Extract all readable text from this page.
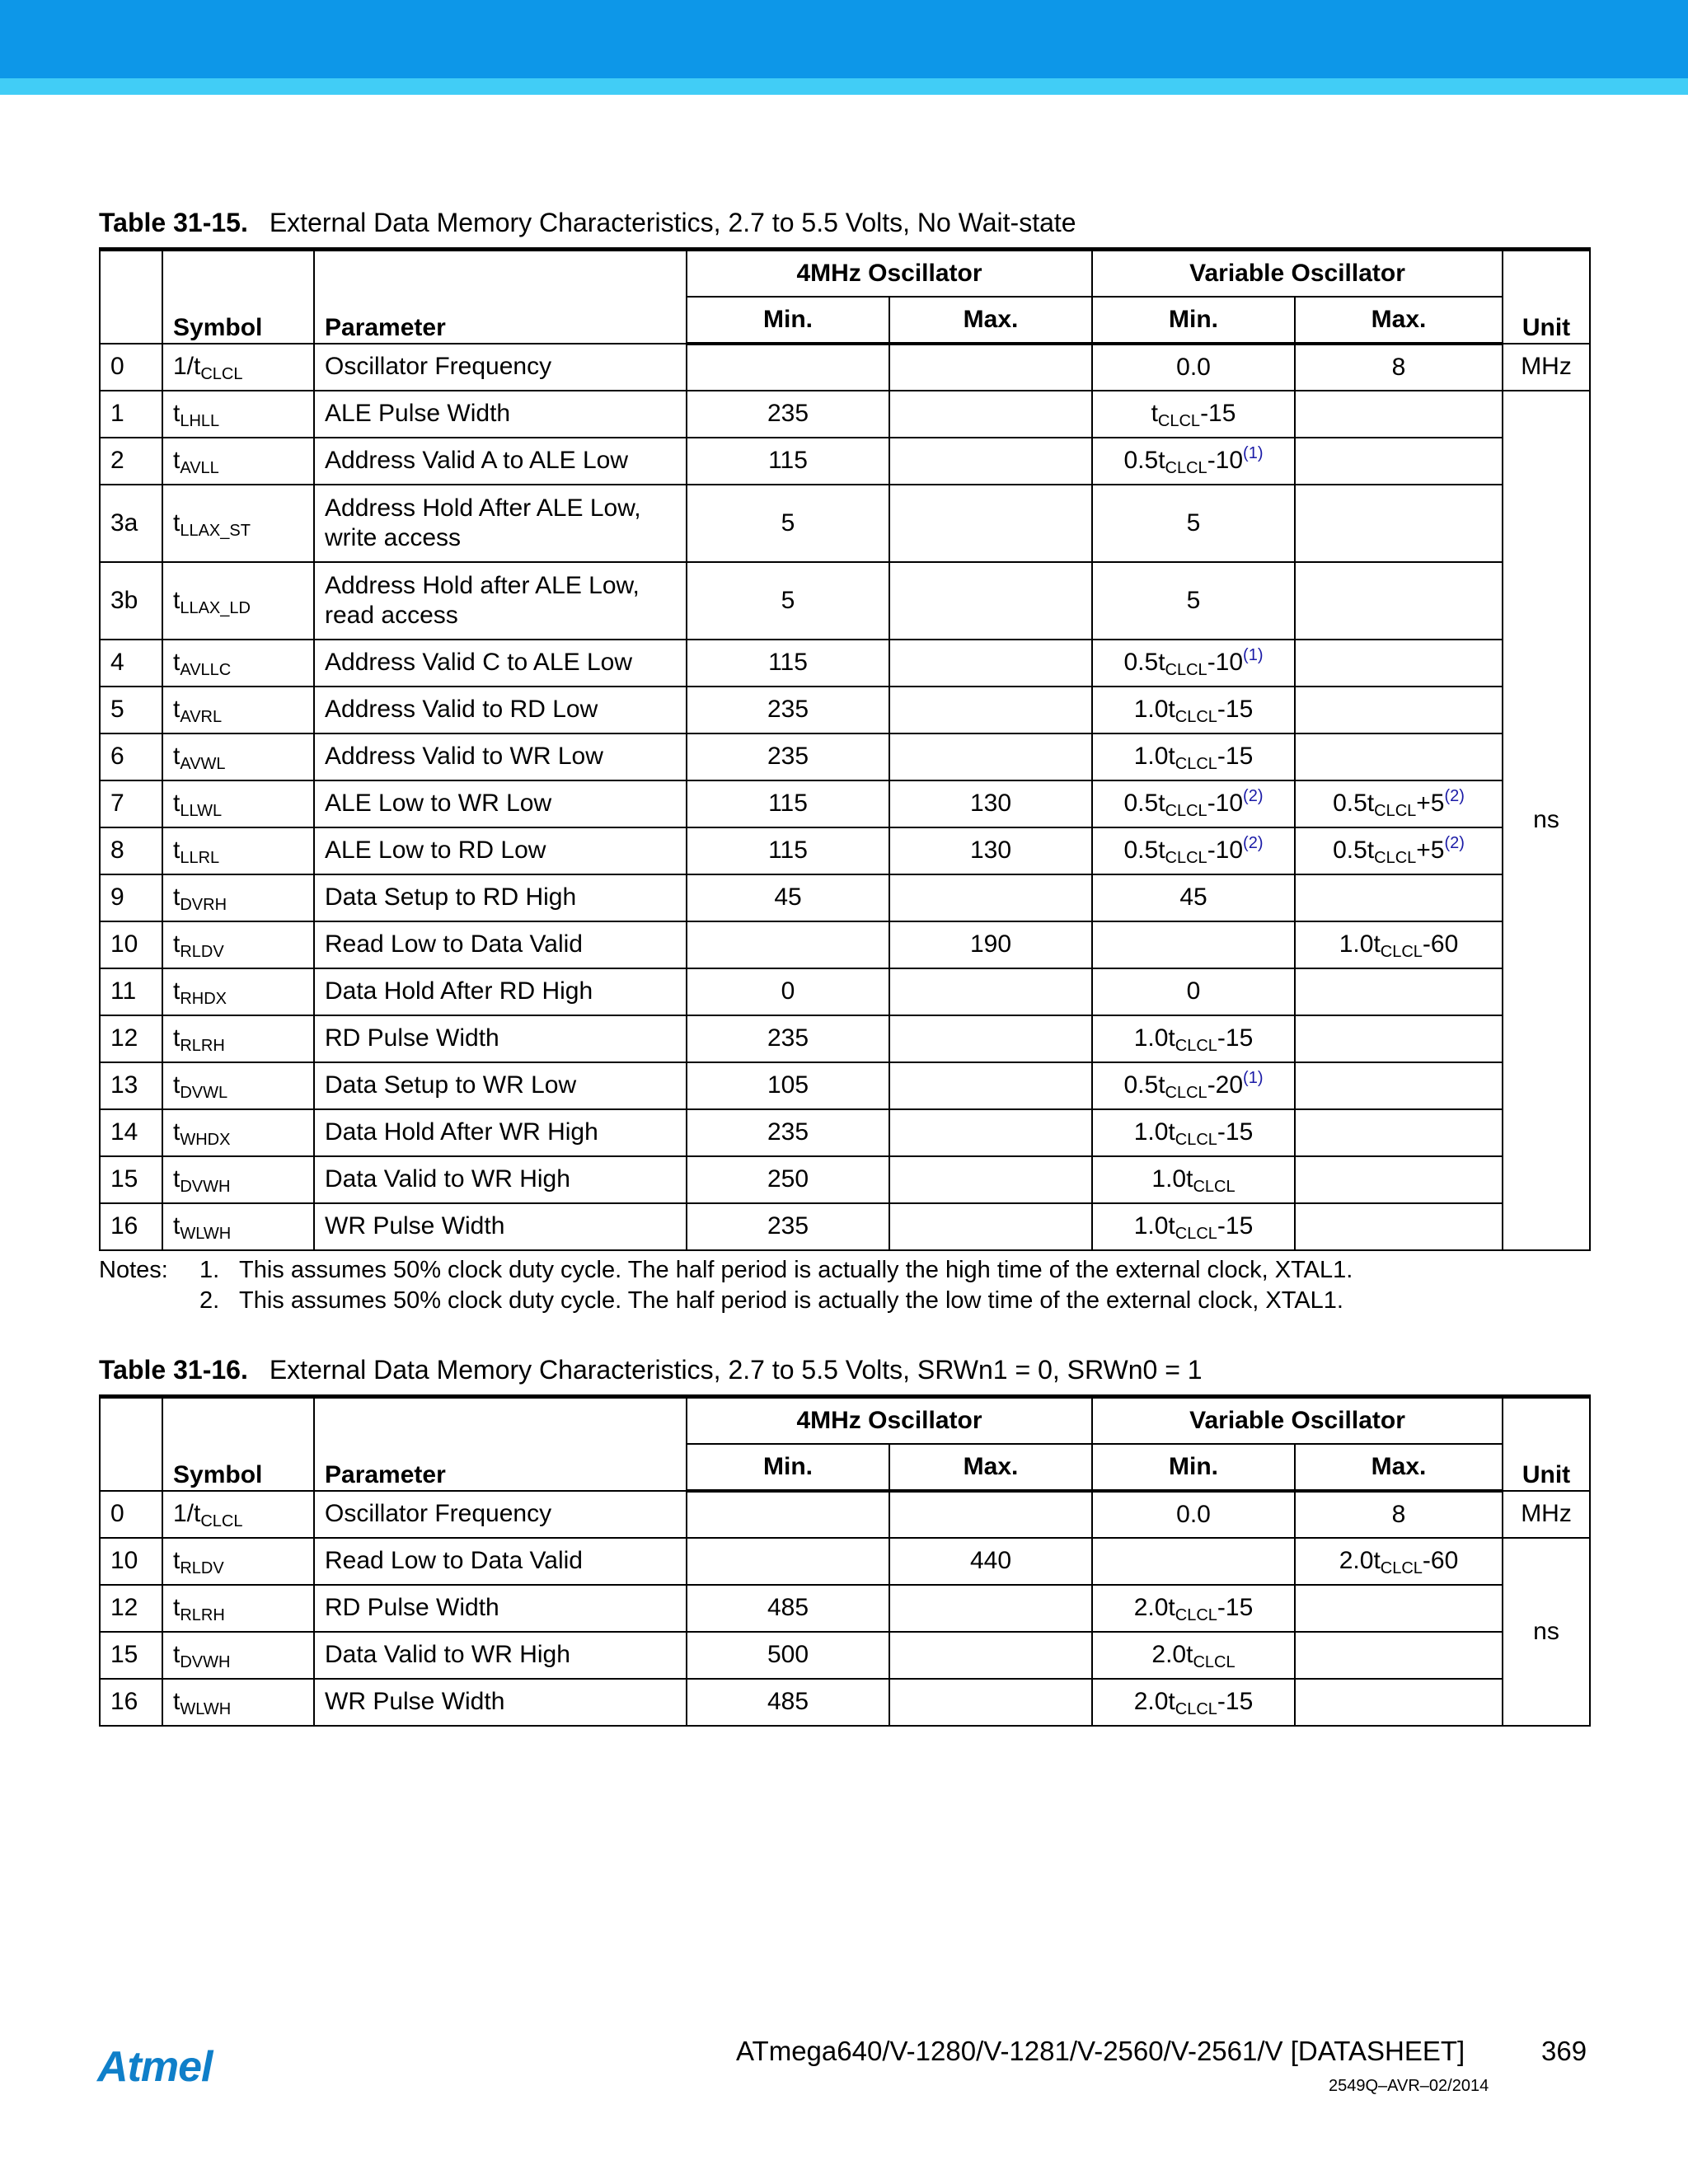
Table 31-15. External Data Memory Characteristics, 2.7 to 5.5 Volts, No Wait-state
	Symbol	Parameter	4MHz Oscillator		Variable Oscillator		Unit
			Min.	Max.	Min.	Max.	
0	$1/t_{CLCL}$	Oscillator Frequency			0.0	8	MHz
1	$t_{LHLL}$	ALE Pulse Width	235		$t_{CLCL}-15$		ns
2	$t_{AVLL}$	Address Valid A to ALE Low	115		$0.5t_{CLCL}-10^{(1)}$	
3a	$t_{LLAX\_ST}$	Address Hold After ALE Low,
write access	5		5		
3b	$t_{LLAX\_LD}$	Address Hold after ALE Low,
read access	5		5		
4	$t_{AVLLC}$	Address Valid C to ALE Low	115		$0.5t_{CLCL}-10^{(1)}$	
5	$t_{AVRL}$	Address Valid to RD Low	235		$1.0t_{CLCL}-15$		
6	$t_{AVWL}$	Address Valid to WR Low	235		$1.0t_{CLCL}-15$		
7	$t_{LLWL}$	ALE Low to WR Low	115	130	$0.5t_{CLCL}-10^{(2)}$	$0.5t_{CLCL}+5^{(2)}$
8	$t_{LLRL}$	ALE Low to RD Low	115	130	$0.5t_{CLCL}-10^{(2)}$	$0.5t_{CLCL}+5^{(2)}$
9	$t_{DVRH}$	Data Setup to RD High	45		45		
10	$t_{RLDV}$	Read Low to Data Valid		190		$1.0t_{CLCL}-60$	
11	$t_{RHDX}$	Data Hold After RD High	0		0		
12	$t_{RLRH}$	RD Pulse Width	235		$1.0t_{CLCL}-15$		
13	$t_{DVWL}$	Data Setup to WR Low	105		$0.5t_{CLCL}-20^{(1)}$	
14	$t_{WHDX}$	Data Hold After WR High	235		$1.0t_{CLCL}-15$		
15	$t_{DVWH}$	Data Valid to WR High	250		$1.0t_{CLCL}$	
16	$t_{WLWH}$	WR Pulse Width	235		$1.0t_{CLCL}-15$		
Notes:	1. This assumes 50% clock duty cycle. The half period is actually the high time of the external clock, XTAL1.
2. This assumes 50% clock duty cycle. The half period is actually the low time of the external clock, XTAL1.
Table 31-16. External Data Memory Characteristics, 2.7 to 5.5 Volts, SRWn1 = 0, SRWn0 = 1
	Symbol	Parameter	4MHz Oscillator		Variable Oscillator		Unit
			Min.	Max.	Min.	Max.	
0	$1/t_{CLCL}$	Oscillator Frequency			0.0	8	MHz
10	$t_{RLDV}$	Read Low to Data Valid		440		$2.0t_{CLCL}-60$	ns
12	$t_{RLRH}$	RD Pulse Width	485		$2.0t_{CLCL}-15$		
15	$t_{DVWH}$	Data Valid to WR High	500		$2.0t_{CLCL}$	
16	$t_{WLWH}$	WR Pulse Width	485		$2.0t_{CLCL}-15$		
Atmel	ATmega640/V-1280/V-1281/V-2560/V-2561/V [DATASHEET]	369
2549Q–AVR–02/2014
